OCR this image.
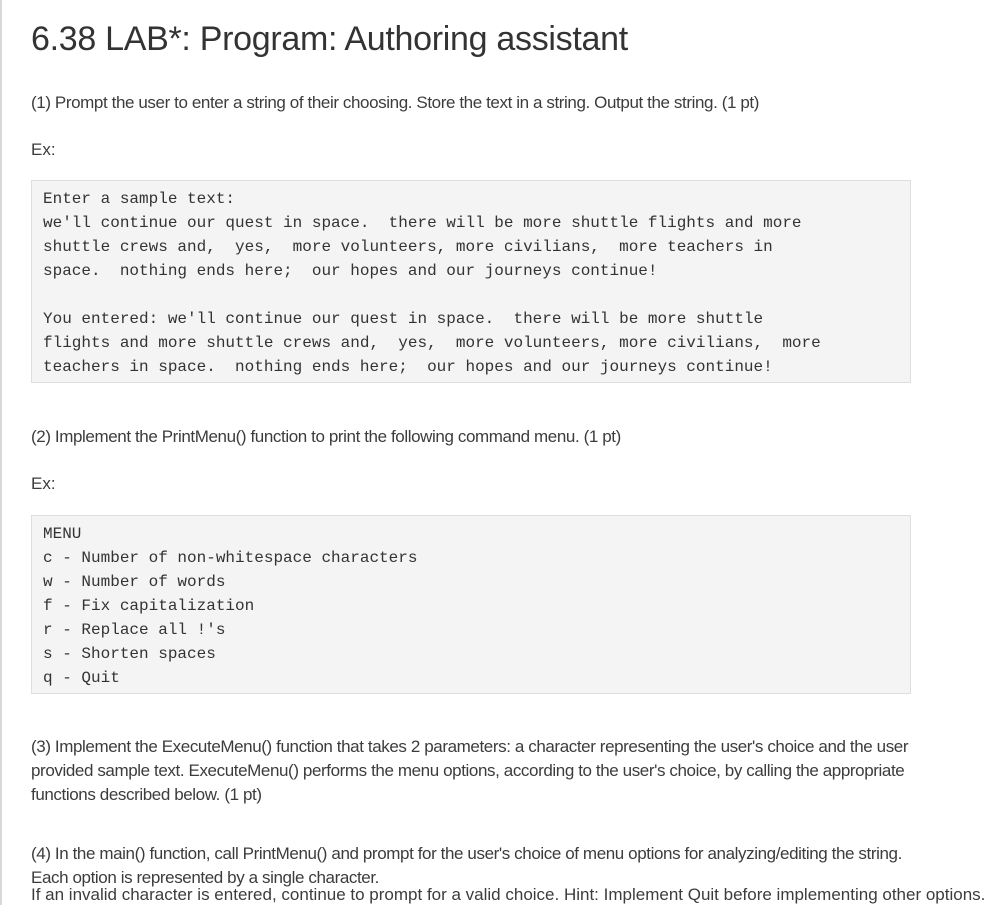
6.38 LAB*: Program: Authoring assistant

(1) Prompt the user to enter a string of their choosing. Store the text in a string. Output the string. (1 pt)

Ex:

Enter a sample text:
we'll continue our quest in space.  there will be more shuttle flights and more
shuttle crews and,  yes,  more volunteers, more civilians,  more teachers in
space.  nothing ends here;  our hopes and our journeys continue!
You entered: we'll continue our quest in space.  there will be more shuttle
flights and more shuttle crews and,  yes,  more volunteers, more civilians,  more
teachers in space.  nothing ends here;  our hopes and our journeys continue!

(2) Implement the PrintMenu() function to print the following command menu. (1 pt)

Ex:

MENU
c - Number of non-whitespace characters
w - Number of words
f - Fix capitalization
r - Replace all !'s
s - Shorten spaces
q - Quit

(3) Implement the ExecuteMenu() function that takes 2 parameters: a character representing the user's choice and the user provided sample text. ExecuteMenu() performs the menu options, according to the user's choice, by calling the appropriate functions described below. (1 pt)

(4) In the main() function, call PrintMenu() and prompt for the user's choice of menu options for analyzing/editing the string. Each option is represented by a single character.

If an invalid character is entered, continue to prompt for a valid choice. Hint: Implement Quit before implementing other options.
